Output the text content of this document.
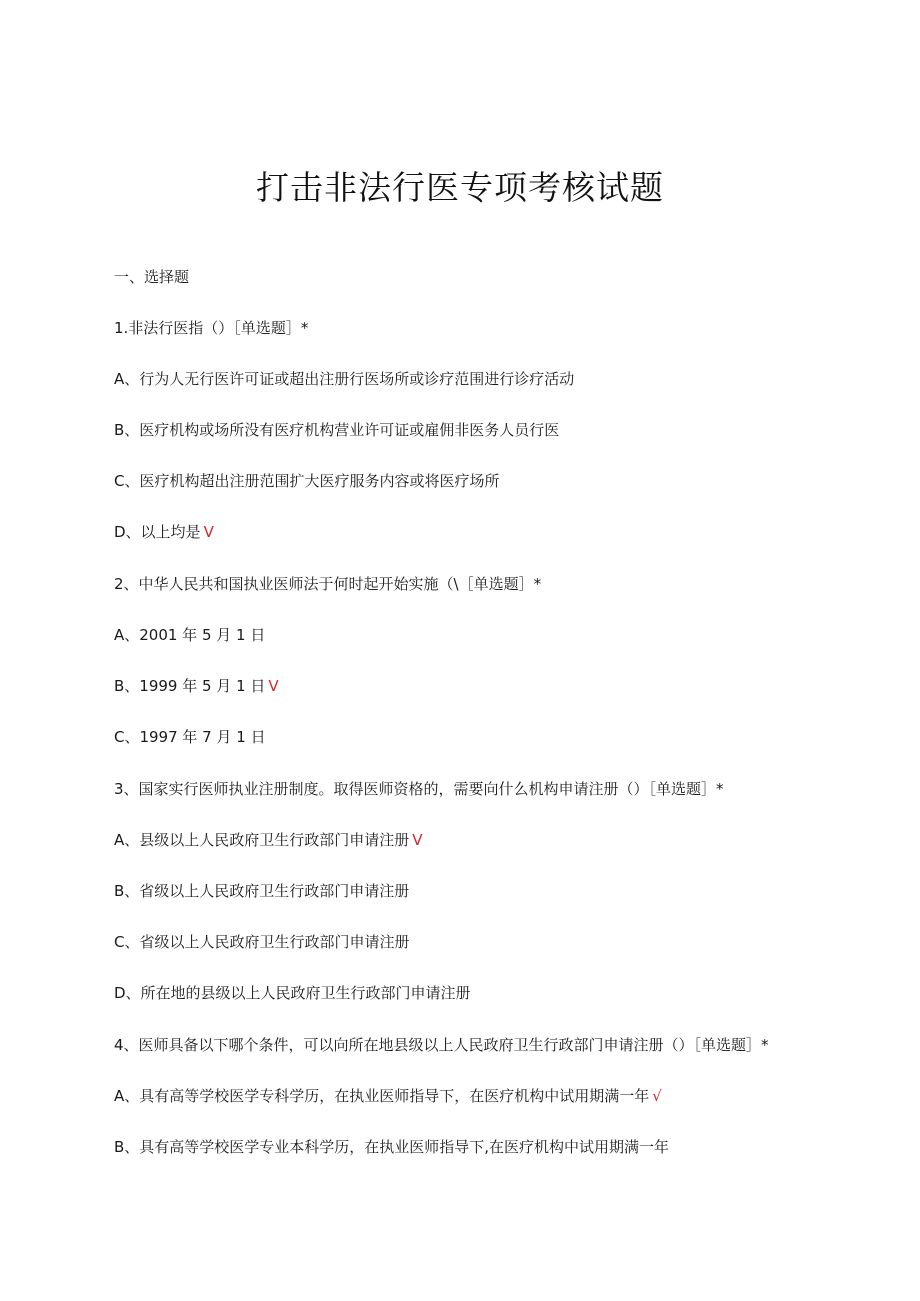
打击非法行医专项考核试题
一、选择题
1.非法行医指（）［单选题］*
A、行为人无行医许可证或超出注册行医场所或诊疗范围进行诊疗活动
B、医疗机构或场所没有医疗机构营业许可证或雇佣非医务人员行医
C、医疗机构超出注册范围扩大医疗服务内容或将医疗场所
D、以上均是 V
2、中华人民共和国执业医师法于何时起开始实施（\［单选题］*
A、2001 年 5 月 1 日
B、1999 年 5 月 1 日 V
C、1997 年 7 月 1 日
3、国家实行医师执业注册制度。取得医师资格的，需要向什么机构申请注册（）［单选题］*
A、县级以上人民政府卫生行政部门申请注册 V
B、省级以上人民政府卫生行政部门申请注册
C、省级以上人民政府卫生行政部门申请注册
D、所在地的县级以上人民政府卫生行政部门申请注册
4、医师具备以下哪个条件，可以向所在地县级以上人民政府卫生行政部门申请注册（）［单选题］*
A、具有高等学校医学专科学历，在执业医师指导下，在医疗机构中试用期满一年 √
B、具有高等学校医学专业本科学历，在执业医师指导下,在医疗机构中试用期满一年
